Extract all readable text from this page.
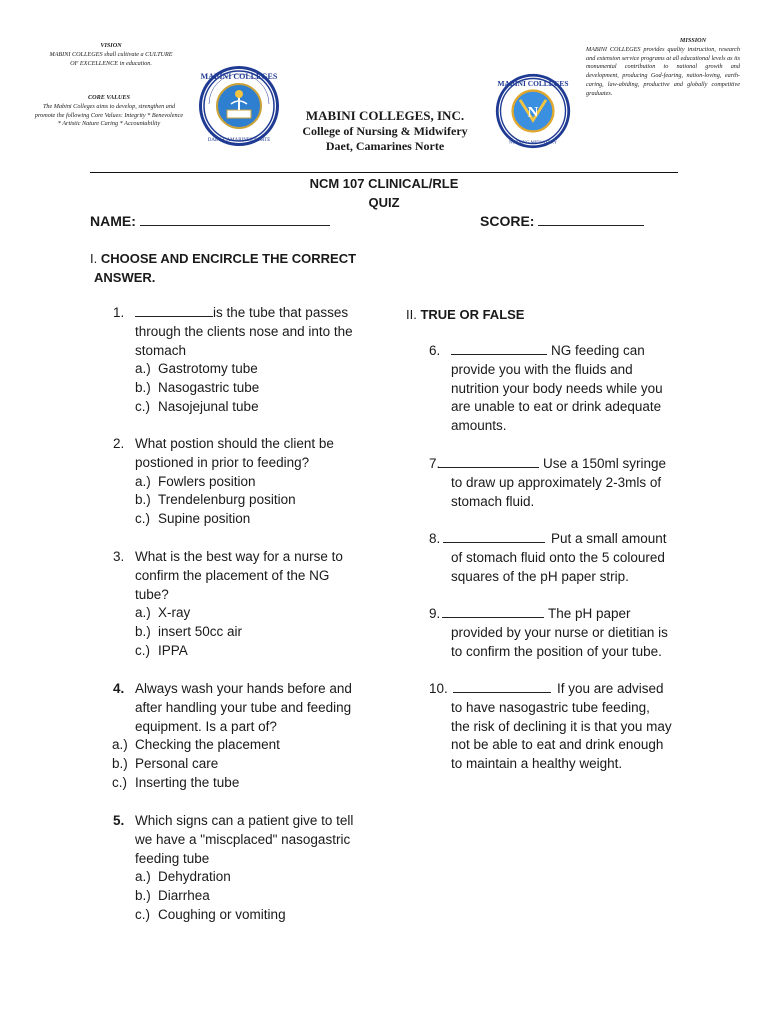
VISION
MABINI COLLEGES shall cultivate a CULTURE OF EXCELLENCE in education.
CORE VALUES
The Mabini Colleges aims to develop, strengthen and promote the following Core Values: Integrity * Benevolence * Artistic Nature Caring * Accountability
MABINI COLLEGES
DAET, CAMARINES NORTE
MABINI COLLEGES, INC.
College of Nursing & Midwifery
Daet, Camarines Norte
N
MABINI COLLEGES
NURSING MIDWIFERY
MISSION
MABINI COLLEGES provides quality instruction, research and extension service programs at all educational levels as its monumental contribution to national growth and development, producing God-fearing, nation-loving, earth-caring, law-abiding, productive and globally competitive graduates.
NCM 107 CLINICAL/RLE
QUIZ
NAME:	SCORE:
I. CHOOSE AND ENCIRCLE THE CORRECT
ANSWER.
1.	is the tube that passes

through the clients nose and into the

stomach

a.) Gastrotomy tube

b.) Nasogastric tube

c.) Nasojejunal tube

2. What postion should the client be

postioned in prior to feeding?

a.) Fowlers position

b.) Trendelenburg position

c.) Supine position

3. What is the best way for a nurse to

confirm the placement of the NG

tube?

a.) X-ray

b.) insert 50cc air

c.) IPPA

4. Always wash your hands before and

after handling your tube and feeding

equipment. Is a part of?

a.) Checking the placement

b.) Personal care

c.) Inserting the tube

5. Which signs can a patient give to tell

we have a "miscplaced" nasogastric

feeding tube

a.) Dehydration

b.) Diarrhea

c.) Coughing or vomiting

II. TRUE OR FALSE
6.	NG feeding can

provide you with the fluids and

nutrition your body needs while you

are unable to eat or drink adequate

amounts.

7.	Use a 150ml syringe

to draw up approximately 2-3mls of

stomach fluid.

8.	Put a small amount

of stomach fluid onto the 5 coloured

squares of the pH paper strip.

9.	The pH paper

provided by your nurse or dietitian is

to confirm the position of your tube.

10.	If you are advised

to have nasogastric tube feeding,

the risk of declining it is that you may

not be able to eat and drink enough

to maintain a healthy weight.
